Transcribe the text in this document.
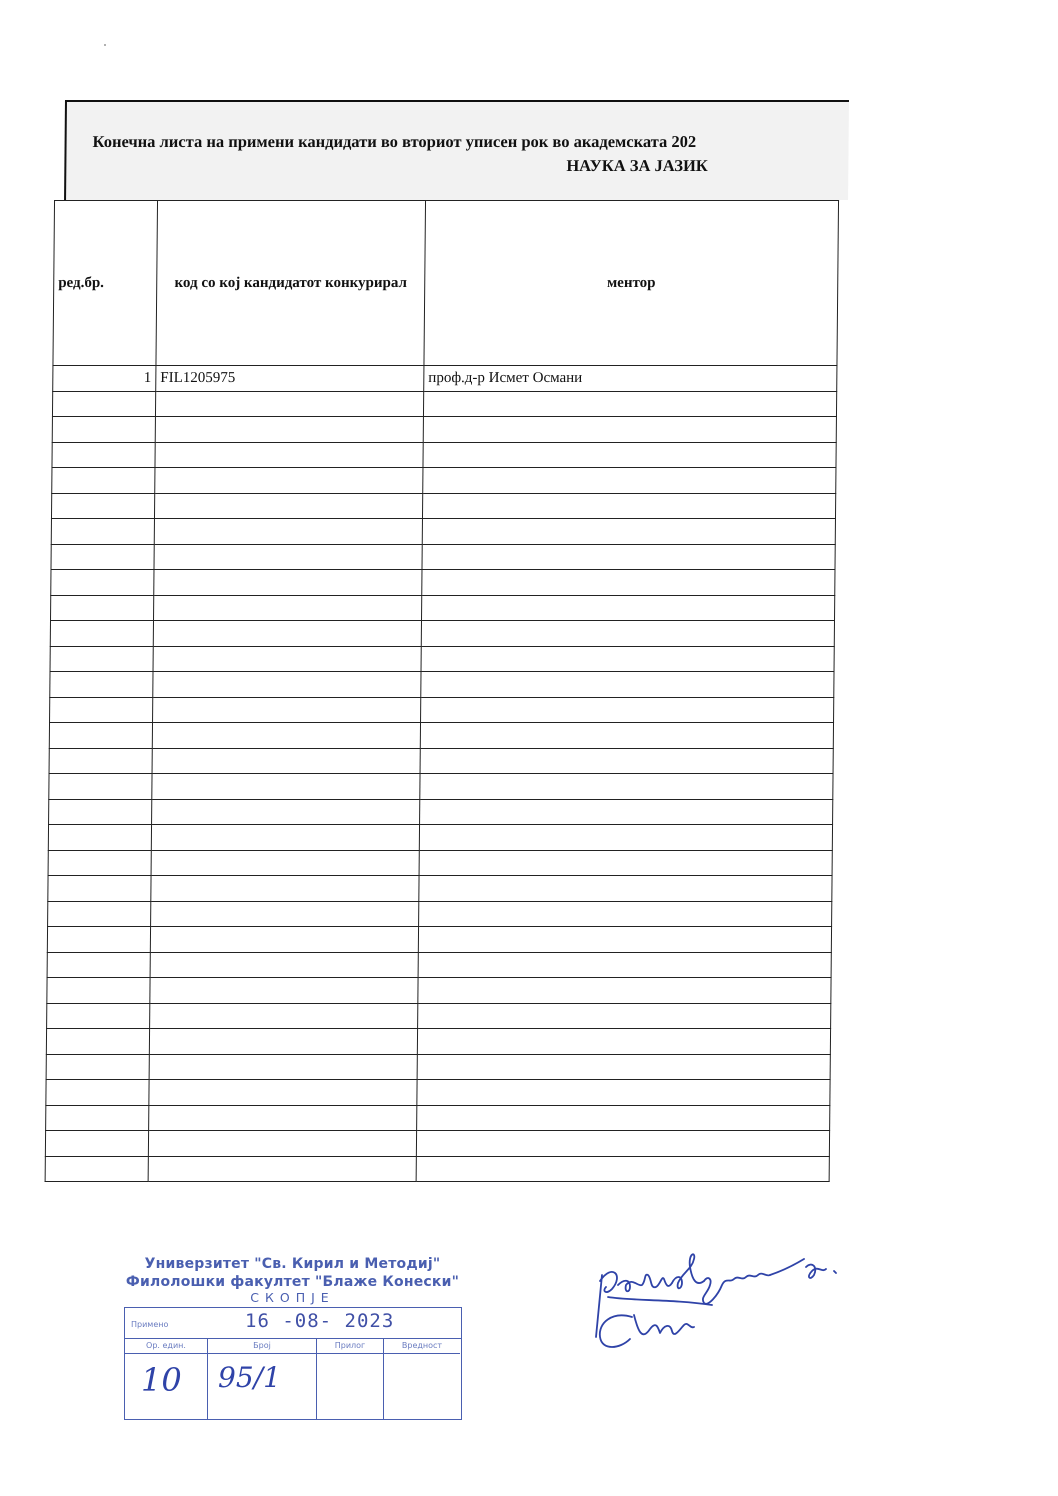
Конечна листа на примени кандидати во вториот уписен рок во академската 202
НАУКА ЗА ЈАЗИК
ред.бр.	код со кој кандидатот конкурирал	ментор
1	FIL1205975	проф.д-р Исмет Османи

Универзитет "Св. Кирил и Методиј"
Филолошки факултет "Блаже Конески"
СКОПЈЕ
Примено	16 -08- 2023
Ор. един.
10
Број
95/1
Прилог	Вредност
раководител: Стоп
